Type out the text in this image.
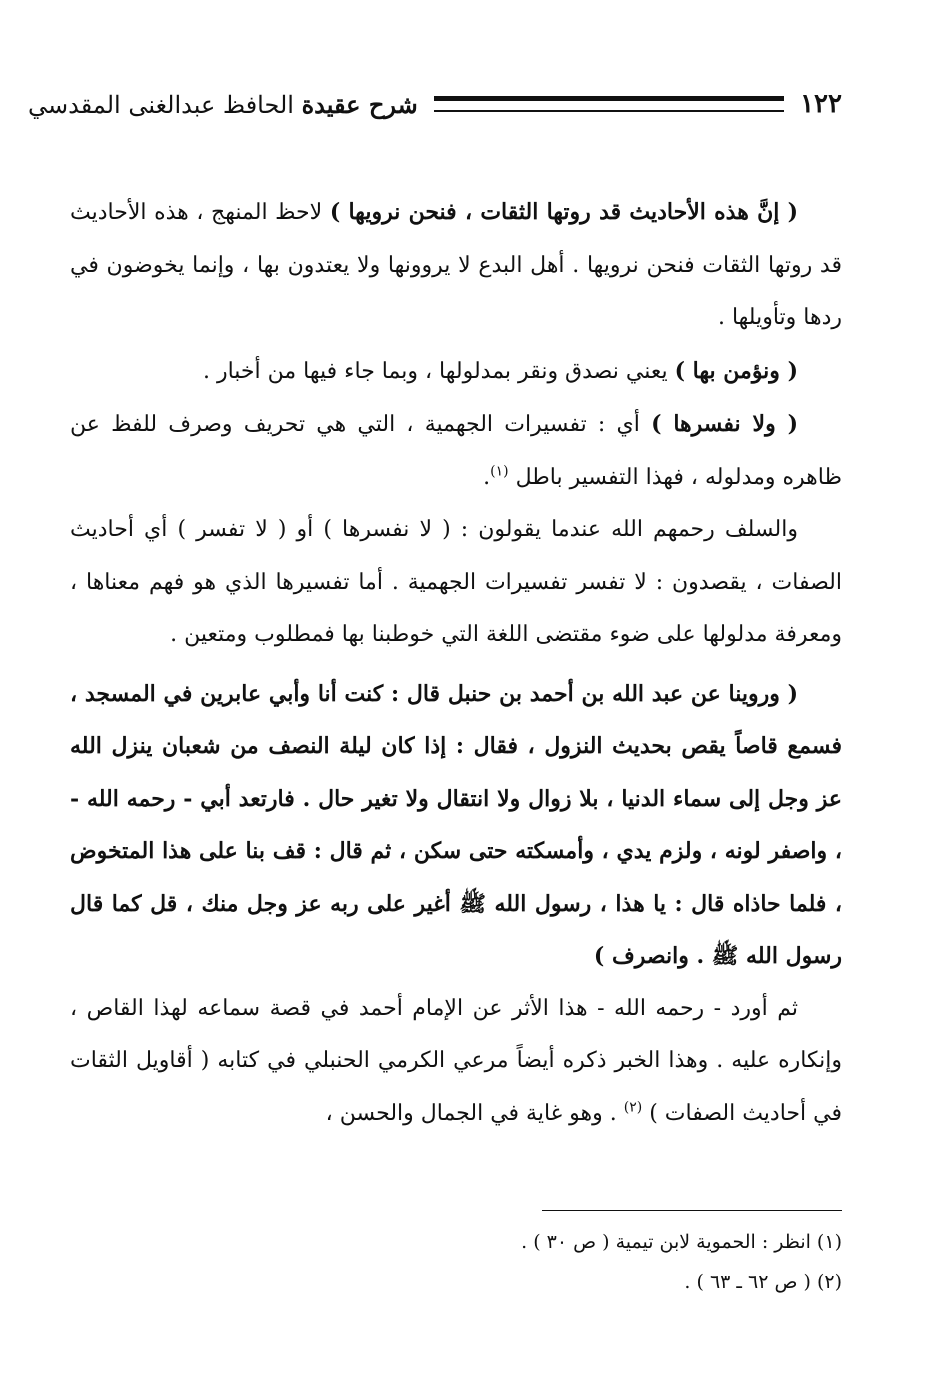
١٢٢
شرح عقيدة الحافظ عبدالغنى المقدسي

( إنَّ هذه الأحاديث قد روتها الثقات ، فنحن نرويها ) لاحظ المنهج ، هذه الأحاديث قد روتها الثقات فنحن نرويها . أهل البدع لا يروونها ولا يعتدون بها ، وإنما يخوضون في ردها وتأويلها .

( ونؤمن بها ) يعني نصدق ونقر بمدلولها ، وبما جاء فيها من أخبار .

( ولا نفسرها ) أي : تفسيرات الجهمية ، التي هي تحريف وصرف للفظ عن ظاهره ومدلوله ، فهذا التفسير باطل $^{(١)}$.

والسلف رحمهم الله عندما يقولون : ( لا نفسرها ) أو ( لا تفسر ) أي أحاديث الصفات ، يقصدون : لا تفسر تفسيرات الجهمية . أما تفسيرها الذي هو فهم معناها ، ومعرفة مدلولها على ضوء مقتضى اللغة التي خوطبنا بها فمطلوب ومتعين .

( وروينا عن عبد الله بن أحمد بن حنبل قال : كنت أنا وأبي عابرين في المسجد ، فسمع قاصاً يقص بحديث النزول ، فقال : إذا كان ليلة النصف من شعبان ينزل الله عز وجل إلى سماء الدنيا ، بلا زوال ولا انتقال ولا تغير حال . فارتعد أبي - رحمه الله - ، واصفر لونه ، ولزم يدي ، وأمسكته حتى سكن ، ثم قال : قف بنا على هذا المتخوض ، فلما حاذاه قال : يا هذا ، رسول الله ﷺ أغير على ربه عز وجل منك ، قل كما قال رسول الله ﷺ . وانصرف )

ثم أورد - رحمه الله - هذا الأثر عن الإمام أحمد في قصة سماعه لهذا القاص ، وإنكاره عليه . وهذا الخبر ذكره أيضاً مرعي الكرمي الحنبلي في كتابه ( أقاويل الثقات في أحاديث الصفات ) $^{(٢)}$ . وهو غاية في الجمال والحسن ،

(١) انظر : الحموية لابن تيمية ( ص ٣٠ ) .

(٢) ( ص ٦٢ ـ ٦٣ ) .
